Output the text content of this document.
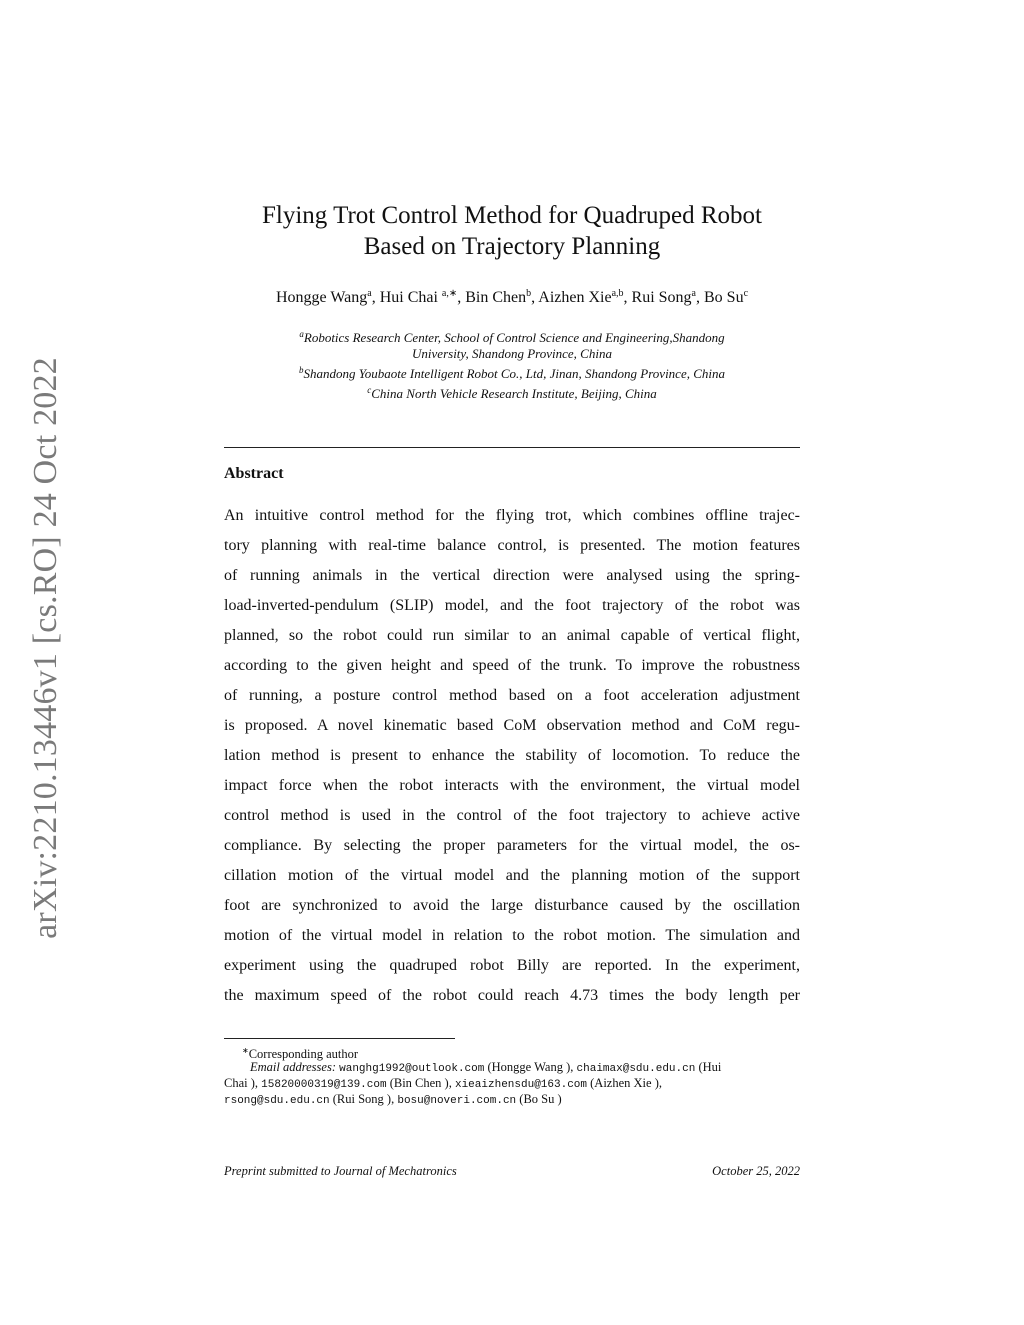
arXiv:2210.13446v1 [cs.RO] 24 Oct 2022
Flying Trot Control Method for Quadruped Robot
Based on Trajectory Planning
Hongge Wang$^a$, Hui Chai $^{a,∗}$, Bin Chen$^b$, Aizhen Xie$^{a,b}$, Rui Song$^a$, Bo Su$^c$
$^a$Robotics Research Center, School of Control Science and Engineering,Shandong
University, Shandong Province, China
$^b$Shandong Youbaote Intelligent Robot Co., Ltd, Jinan, Shandong Province, China
$^c$China North Vehicle Research Institute, Beijing, China
Abstract
An intuitive control method for the flying trot, which combines offline trajec-
tory planning with real-time balance control, is presented. The motion features
of running animals in the vertical direction were analysed using the spring-
load-inverted-pendulum (SLIP) model, and the foot trajectory of the robot was
planned, so the robot could run similar to an animal capable of vertical flight,
according to the given height and speed of the trunk. To improve the robustness
of running, a posture control method based on a foot acceleration adjustment
is proposed. A novel kinematic based CoM observation method and CoM regu-
lation method is present to enhance the stability of locomotion. To reduce the
impact force when the robot interacts with the environment, the virtual model
control method is used in the control of the foot trajectory to achieve active
compliance. By selecting the proper parameters for the virtual model, the os-
cillation motion of the virtual model and the planning motion of the support
foot are synchronized to avoid the large disturbance caused by the oscillation
motion of the virtual model in relation to the robot motion. The simulation and
experiment using the quadruped robot Billy are reported. In the experiment,
the maximum speed of the robot could reach 4.73 times the body length per
∗Corresponding author
Email addresses: wanghg1992@outlook.com (Hongge Wang ), chaimax@sdu.edu.cn (Hui
Chai ), 15820000319@139.com (Bin Chen ), xieaizhensdu@163.com (Aizhen Xie ),
rsong@sdu.edu.cn (Rui Song ), bosu@noveri.com.cn (Bo Su )
Preprint submitted to Journal of Mechatronics	October 25, 2022
